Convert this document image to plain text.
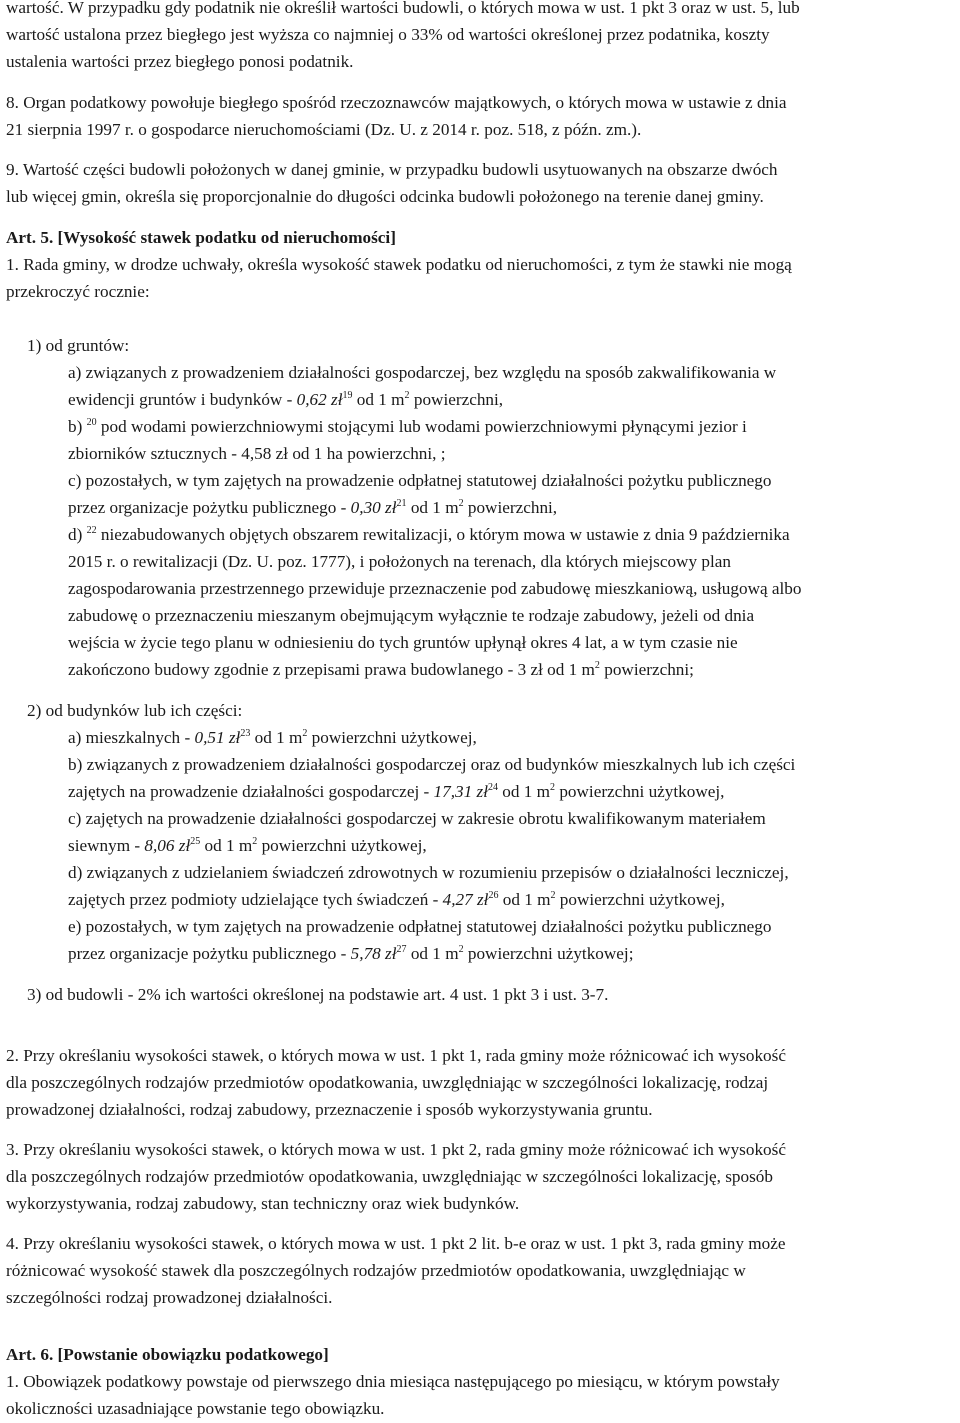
wartość. W przypadku gdy podatnik nie określił wartości budowli, o których mowa w ust. 1 pkt 3 oraz w ust. 5, lub
wartość ustalona przez biegłego jest wyższa co najmniej o 33% od wartości określonej przez podatnika, koszty
ustalenia wartości przez biegłego ponosi podatnik.
8. Organ podatkowy powołuje biegłego spośród rzeczoznawców majątkowych, o których mowa w ustawie z dnia
21 sierpnia 1997 r. o gospodarce nieruchomościami (Dz. U. z 2014 r. poz. 518, z późn. zm.).
9. Wartość części budowli położonych w danej gminie, w przypadku budowli usytuowanych na obszarze dwóch
lub więcej gmin, określa się proporcjonalnie do długości odcinka budowli położonego na terenie danej gminy.
Art. 5. [Wysokość stawek podatku od nieruchomości]
1. Rada gminy, w drodze uchwały, określa wysokość stawek podatku od nieruchomości, z tym że stawki nie mogą
przekroczyć rocznie:
1) od gruntów:
a) związanych z prowadzeniem działalności gospodarczej, bez względu na sposób zakwalifikowania w
ewidencji gruntów i budynków - 0,62 $zł^{19}$ od 1 $m^2$ powierzchni,
b) $^{20}$ pod wodami powierzchniowymi stojącymi lub wodami powierzchniowymi płynącymi jezior i
zbiorników sztucznych - 4,58 zł od 1 ha powierzchni, ;
c) pozostałych, w tym zajętych na prowadzenie odpłatnej statutowej działalności pożytku publicznego
przez organizacje pożytku publicznego - 0,30 $zł^{21}$ od 1 $m^2$ powierzchni,
d) $^{22}$ niezabudowanych objętych obszarem rewitalizacji, o którym mowa w ustawie z dnia 9 października
2015 r. o rewitalizacji (Dz. U. poz. 1777), i położonych na terenach, dla których miejscowy plan
zagospodarowania przestrzennego przewiduje przeznaczenie pod zabudowę mieszkaniową, usługową albo
zabudowę o przeznaczeniu mieszanym obejmującym wyłącznie te rodzaje zabudowy, jeżeli od dnia
wejścia w życie tego planu w odniesieniu do tych gruntów upłynął okres 4 lat, a w tym czasie nie
zakończono budowy zgodnie z przepisami prawa budowlanego - 3 zł od 1 $m^2$ powierzchni;
2) od budynków lub ich części:
a) mieszkalnych - 0,51 $zł^{23}$ od 1 $m^2$ powierzchni użytkowej,
b) związanych z prowadzeniem działalności gospodarczej oraz od budynków mieszkalnych lub ich części
zajętych na prowadzenie działalności gospodarczej - 17,31 $zł^{24}$ od 1 $m^2$ powierzchni użytkowej,
c) zajętych na prowadzenie działalności gospodarczej w zakresie obrotu kwalifikowanym materiałem
siewnym - 8,06 $zł^{25}$ od 1 $m^2$ powierzchni użytkowej,
d) związanych z udzielaniem świadczeń zdrowotnych w rozumieniu przepisów o działalności leczniczej,
zajętych przez podmioty udzielające tych świadczeń - 4,27 $zł^{26}$ od 1 $m^2$ powierzchni użytkowej,
e) pozostałych, w tym zajętych na prowadzenie odpłatnej statutowej działalności pożytku publicznego
przez organizacje pożytku publicznego - 5,78 $zł^{27}$ od 1 $m^2$ powierzchni użytkowej;
3) od budowli - 2% ich wartości określonej na podstawie art. 4 ust. 1 pkt 3 i ust. 3-7.
2. Przy określaniu wysokości stawek, o których mowa w ust. 1 pkt 1, rada gminy może różnicować ich wysokość
dla poszczególnych rodzajów przedmiotów opodatkowania, uwzględniając w szczególności lokalizację, rodzaj
prowadzonej działalności, rodzaj zabudowy, przeznaczenie i sposób wykorzystywania gruntu.
3. Przy określaniu wysokości stawek, o których mowa w ust. 1 pkt 2, rada gminy może różnicować ich wysokość
dla poszczególnych rodzajów przedmiotów opodatkowania, uwzględniając w szczególności lokalizację, sposób
wykorzystywania, rodzaj zabudowy, stan techniczny oraz wiek budynków.
4. Przy określaniu wysokości stawek, o których mowa w ust. 1 pkt 2 lit. b-e oraz w ust. 1 pkt 3, rada gminy może
różnicować wysokość stawek dla poszczególnych rodzajów przedmiotów opodatkowania, uwzględniając w
szczególności rodzaj prowadzonej działalności.
Art. 6. [Powstanie obowiązku podatkowego]
1. Obowiązek podatkowy powstaje od pierwszego dnia miesiąca następującego po miesiącu, w którym powstały
okoliczności uzasadniające powstanie tego obowiązku.
